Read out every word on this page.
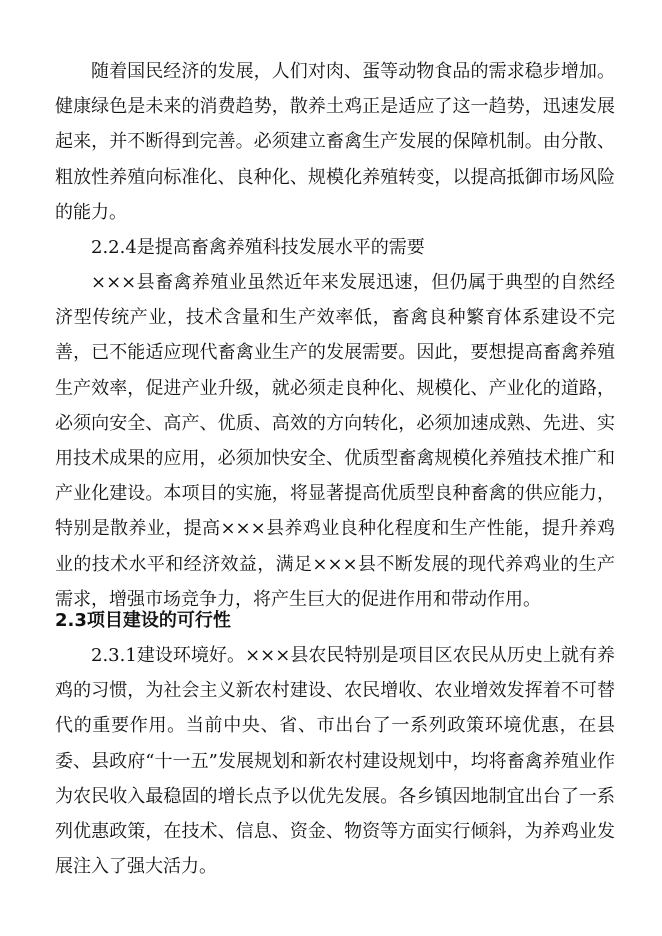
随着国民经济的发展，人们对肉、蛋等动物食品的需求稳步增加。健康绿色是未来的消费趋势，散养土鸡正是适应了这一趋势，迅速发展起来，并不断得到完善。必须建立畜禽生产发展的保障机制。由分散、粗放性养殖向标准化、良种化、规模化养殖转变，以提高抵御市场风险的能力。

2.2.4是提高畜禽养殖科技发展水平的需要

×××县畜禽养殖业虽然近年来发展迅速，但仍属于典型的自然经济型传统产业，技术含量和生产效率低，畜禽良种繁育体系建设不完善，已不能适应现代畜禽业生产的发展需要。因此，要想提高畜禽养殖生产效率，促进产业升级，就必须走良种化、规模化、产业化的道路，必须向安全、高产、优质、高效的方向转化，必须加速成熟、先进、实用技术成果的应用，必须加快安全、优质型畜禽规模化养殖技术推广和产业化建设。本项目的实施，将显著提高优质型良种畜禽的供应能力，特别是散养业，提高×××县养鸡业良种化程度和生产性能，提升养鸡业的技术水平和经济效益，满足×××县不断发展的现代养鸡业的生产需求，增强市场竞争力，将产生巨大的促进作用和带动作用。

2.3项目建设的可行性

2.3.1建设环境好。×××县农民特别是项目区农民从历史上就有养鸡的习惯，为社会主义新农村建设、农民增收、农业增效发挥着不可替代的重要作用。当前中央、省、市出台了一系列政策环境优惠，在县委、县政府“十一五”发展规划和新农村建设规划中，均将畜禽养殖业作为农民收入最稳固的增长点予以优先发展。各乡镇因地制宜出台了一系列优惠政策，在技术、信息、资金、物资等方面实行倾斜，为养鸡业发展注入了强大活力。
